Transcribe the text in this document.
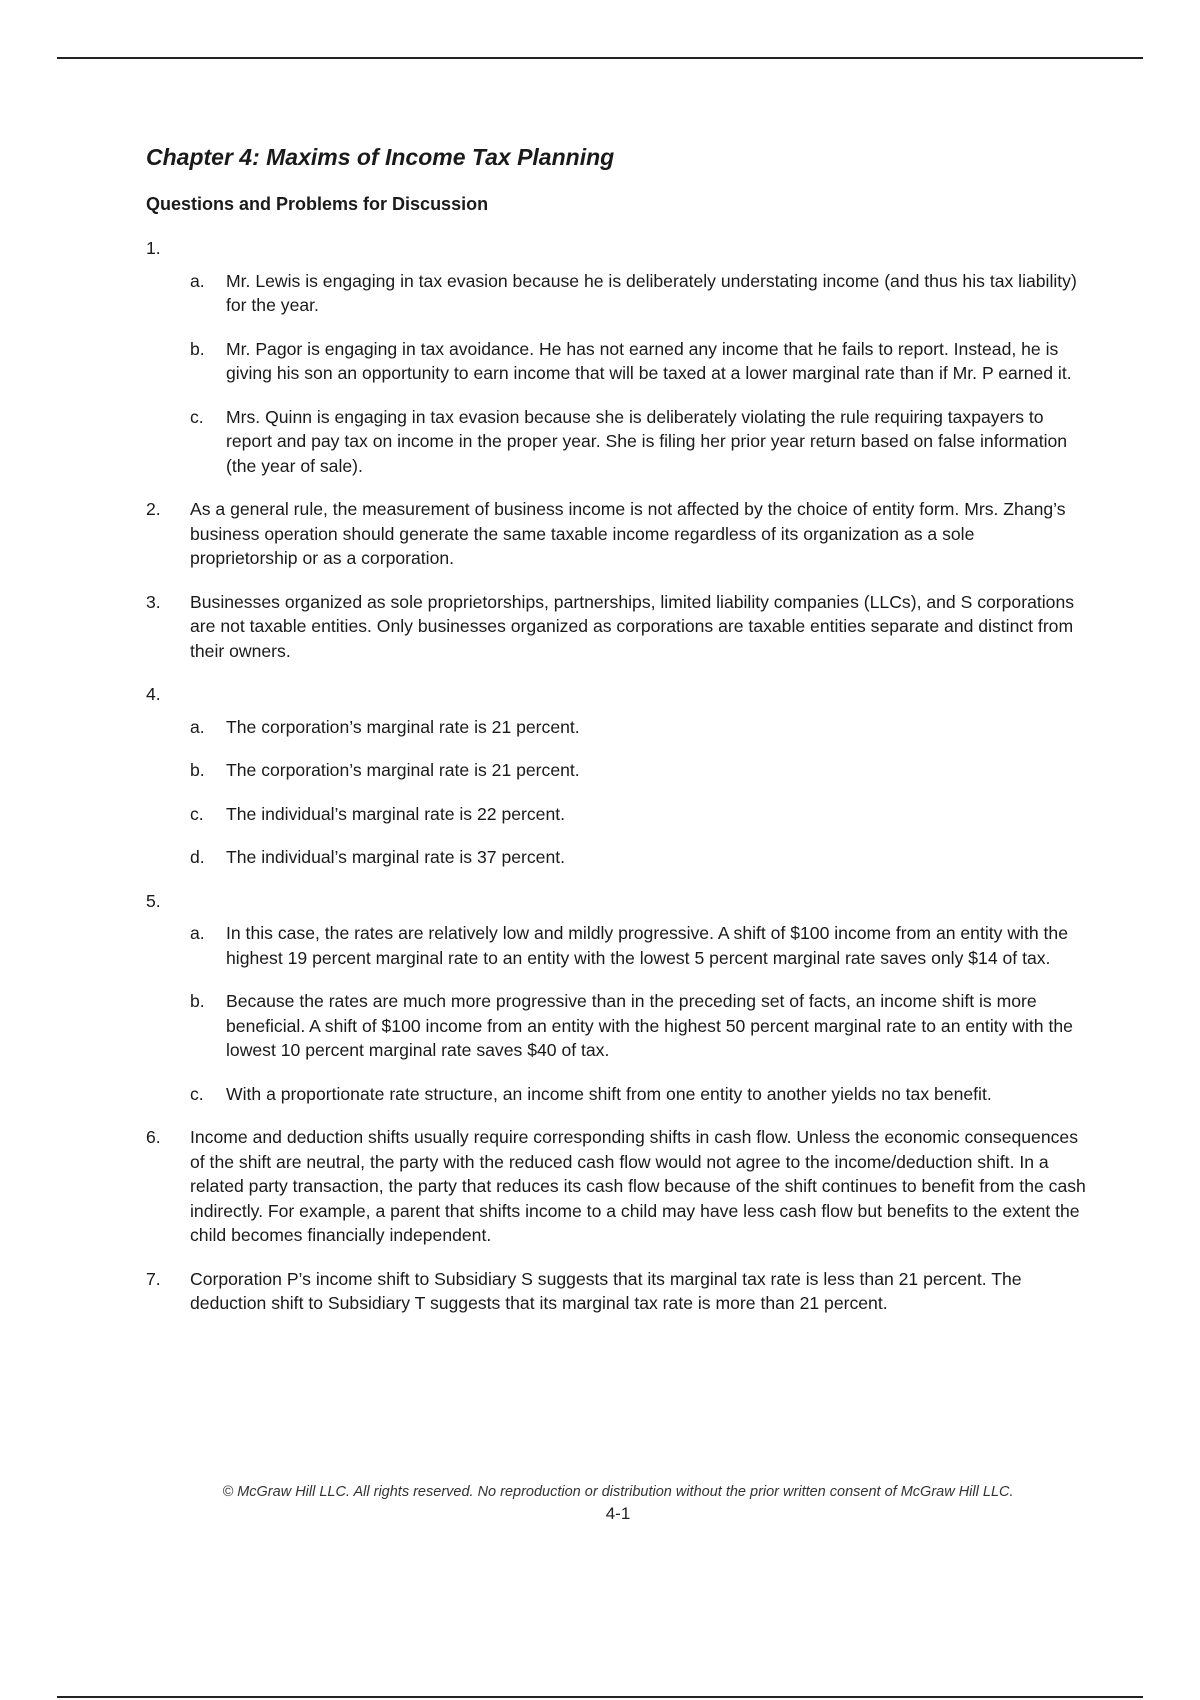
Chapter 4: Maxims of Income Tax Planning
Questions and Problems for Discussion
1.
a. Mr. Lewis is engaging in tax evasion because he is deliberately understating income (and thus his tax liability) for the year.
b. Mr. Pagor is engaging in tax avoidance. He has not earned any income that he fails to report. Instead, he is giving his son an opportunity to earn income that will be taxed at a lower marginal rate than if Mr. P earned it.
c. Mrs. Quinn is engaging in tax evasion because she is deliberately violating the rule requiring taxpayers to report and pay tax on income in the proper year. She is filing her prior year return based on false information (the year of sale).
2. As a general rule, the measurement of business income is not affected by the choice of entity form. Mrs. Zhang’s business operation should generate the same taxable income regardless of its organization as a sole proprietorship or as a corporation.
3. Businesses organized as sole proprietorships, partnerships, limited liability companies (LLCs), and S corporations are not taxable entities. Only businesses organized as corporations are taxable entities separate and distinct from their owners.
4.
a. The corporation’s marginal rate is 21 percent.
b. The corporation’s marginal rate is 21 percent.
c. The individual’s marginal rate is 22 percent.
d. The individual’s marginal rate is 37 percent.
5.
a. In this case, the rates are relatively low and mildly progressive. A shift of $100 income from an entity with the highest 19 percent marginal rate to an entity with the lowest 5 percent marginal rate saves only $14 of tax.
b. Because the rates are much more progressive than in the preceding set of facts, an income shift is more beneficial. A shift of $100 income from an entity with the highest 50 percent marginal rate to an entity with the lowest 10 percent marginal rate saves $40 of tax.
c. With a proportionate rate structure, an income shift from one entity to another yields no tax benefit.
6. Income and deduction shifts usually require corresponding shifts in cash flow. Unless the economic consequences of the shift are neutral, the party with the reduced cash flow would not agree to the income/deduction shift. In a related party transaction, the party that reduces its cash flow because of the shift continues to benefit from the cash indirectly. For example, a parent that shifts income to a child may have less cash flow but benefits to the extent the child becomes financially independent.
7. Corporation P’s income shift to Subsidiary S suggests that its marginal tax rate is less than 21 percent. The deduction shift to Subsidiary T suggests that its marginal tax rate is more than 21 percent.
© McGraw Hill LLC. All rights reserved. No reproduction or distribution without the prior written consent of McGraw Hill LLC.
4-1
